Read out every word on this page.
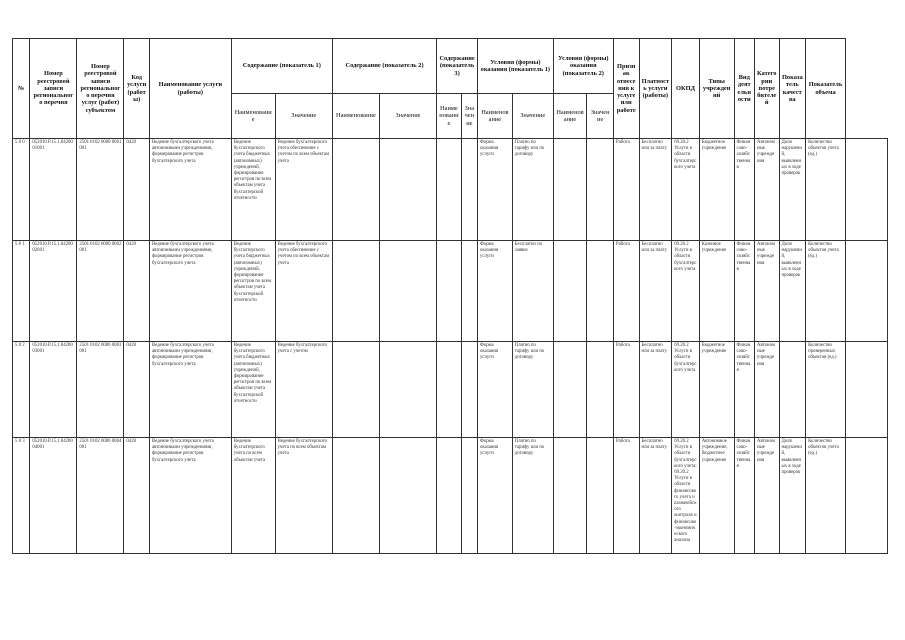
№	Номер реестровой записи регионального перечня	Номер реестровой записи регионального перечня услуг (работ) субъектом	Код услуги (работы)	Наименование услуги (работы)	Содержание (показатель 1)		Содержание (показатель 2)		Содержание (показатель 3)		Условия (формы) оказания (показатель 1)		Условия (формы) оказания (показатель 2)		Признак отнесения к услуге или работе	Платность услуги (работы)	ОКПД	Типы учреждений	Вид деятельности	Категории потребителей	Показатель качества	Показатель объема	
					Наименование	Значение	Наименование	Значение	Наименование	Значение	Наименование	Значение	Наименование	Значение									
5 8 0	052010.Р.15.1.0420001001	2501 0102 0000 0001 001	0420	Ведение бухгалтерского учета автономными учреждениями, формирование регистров бухгалтерского учета	Ведение бухгалтерского учета бюджетных (автономных) учреждений, формирование регистров по всем объектам учета бухгалтерской отчетности	Ведение бухгалтерского учета обеспечение с учетом по всем объектам учета					Форма оказания услуги	Платно по тарифу или по договору			Работа	Бесплатно или за плату	69.20.2 Услуги в области бухгалтерского учета	Бюджетное учреждение	Финансово-хозяйственная	Автономные учреждения	Доля нарушений, выявленных в ходе проверок	Количество объектов учета (ед.)	
5 8 1	052010.Р.15.1.0420002001	2501 0102 0000 0002 001	0420	Ведение бухгалтерского учета автономными учреждениями, формирование регистров бухгалтерского учета	Ведение бухгалтерского учета бюджетных (автономных) учреждений, формирование регистров по всем объектам учета бухгалтерской отчетности	Ведение бухгалтерского учета обеспечение с учетом по всем объектам учета					Форма оказания услуги	Бесплатно по заявке			Работа	Бесплатно или за плату	69.20.2 Услуги в области бухгалтерского учета	Казенное учреждение	Финансово-хозяйственная	Автономные учреждения	Доля нарушений, выявленных в ходе проверок	Количество объектов учета (ед.)	
5 8 2	052010.Р.15.1.0420003001	2501 0102 0000 0003 001	0420	Ведение бухгалтерского учета автономными учреждениями, формирование регистров бухгалтерского учета	Ведение бухгалтерского учета бюджетных (автономных) учреждений, формирование регистров по всем объектам учета бухгалтерской отчетности	Ведение бухгалтерского учета с учетом					Форма оказания услуги	Платно по тарифу или по договору			Работа	Бесплатно или за плату	69.20.2 Услуги в области бухгалтерского учета	Бюджетное учреждение	Финансово-хозяйственная	Автономные учреждения		Количество проверенных объектов (ед.)	
5 8 3	052010.Р.15.1.0420004001	2501 0102 0000 0004 001	0420	Ведение бухгалтерского учета автономными учреждениями, формирование регистров бухгалтерского учета	Ведение бухгалтерского учета по всем объектам учета	Ведение бухгалтерского учета по всем объектам учета					Форма оказания услуги	Платно по тарифу или по договору			Работа	Бесплатно или за плату	69.20.2 Услуги в области бухгалтерского учета; 69.20.2 Услуги в области финансового учета и казначейского контроля и финансово-экономического анализа	Автономное учреждение; бюджетное учреждение	Финансово-хозяйственная	Автономные учреждения	Доля нарушений, выявленных в ходе проверок	Количество объектов учета (ед.)	
